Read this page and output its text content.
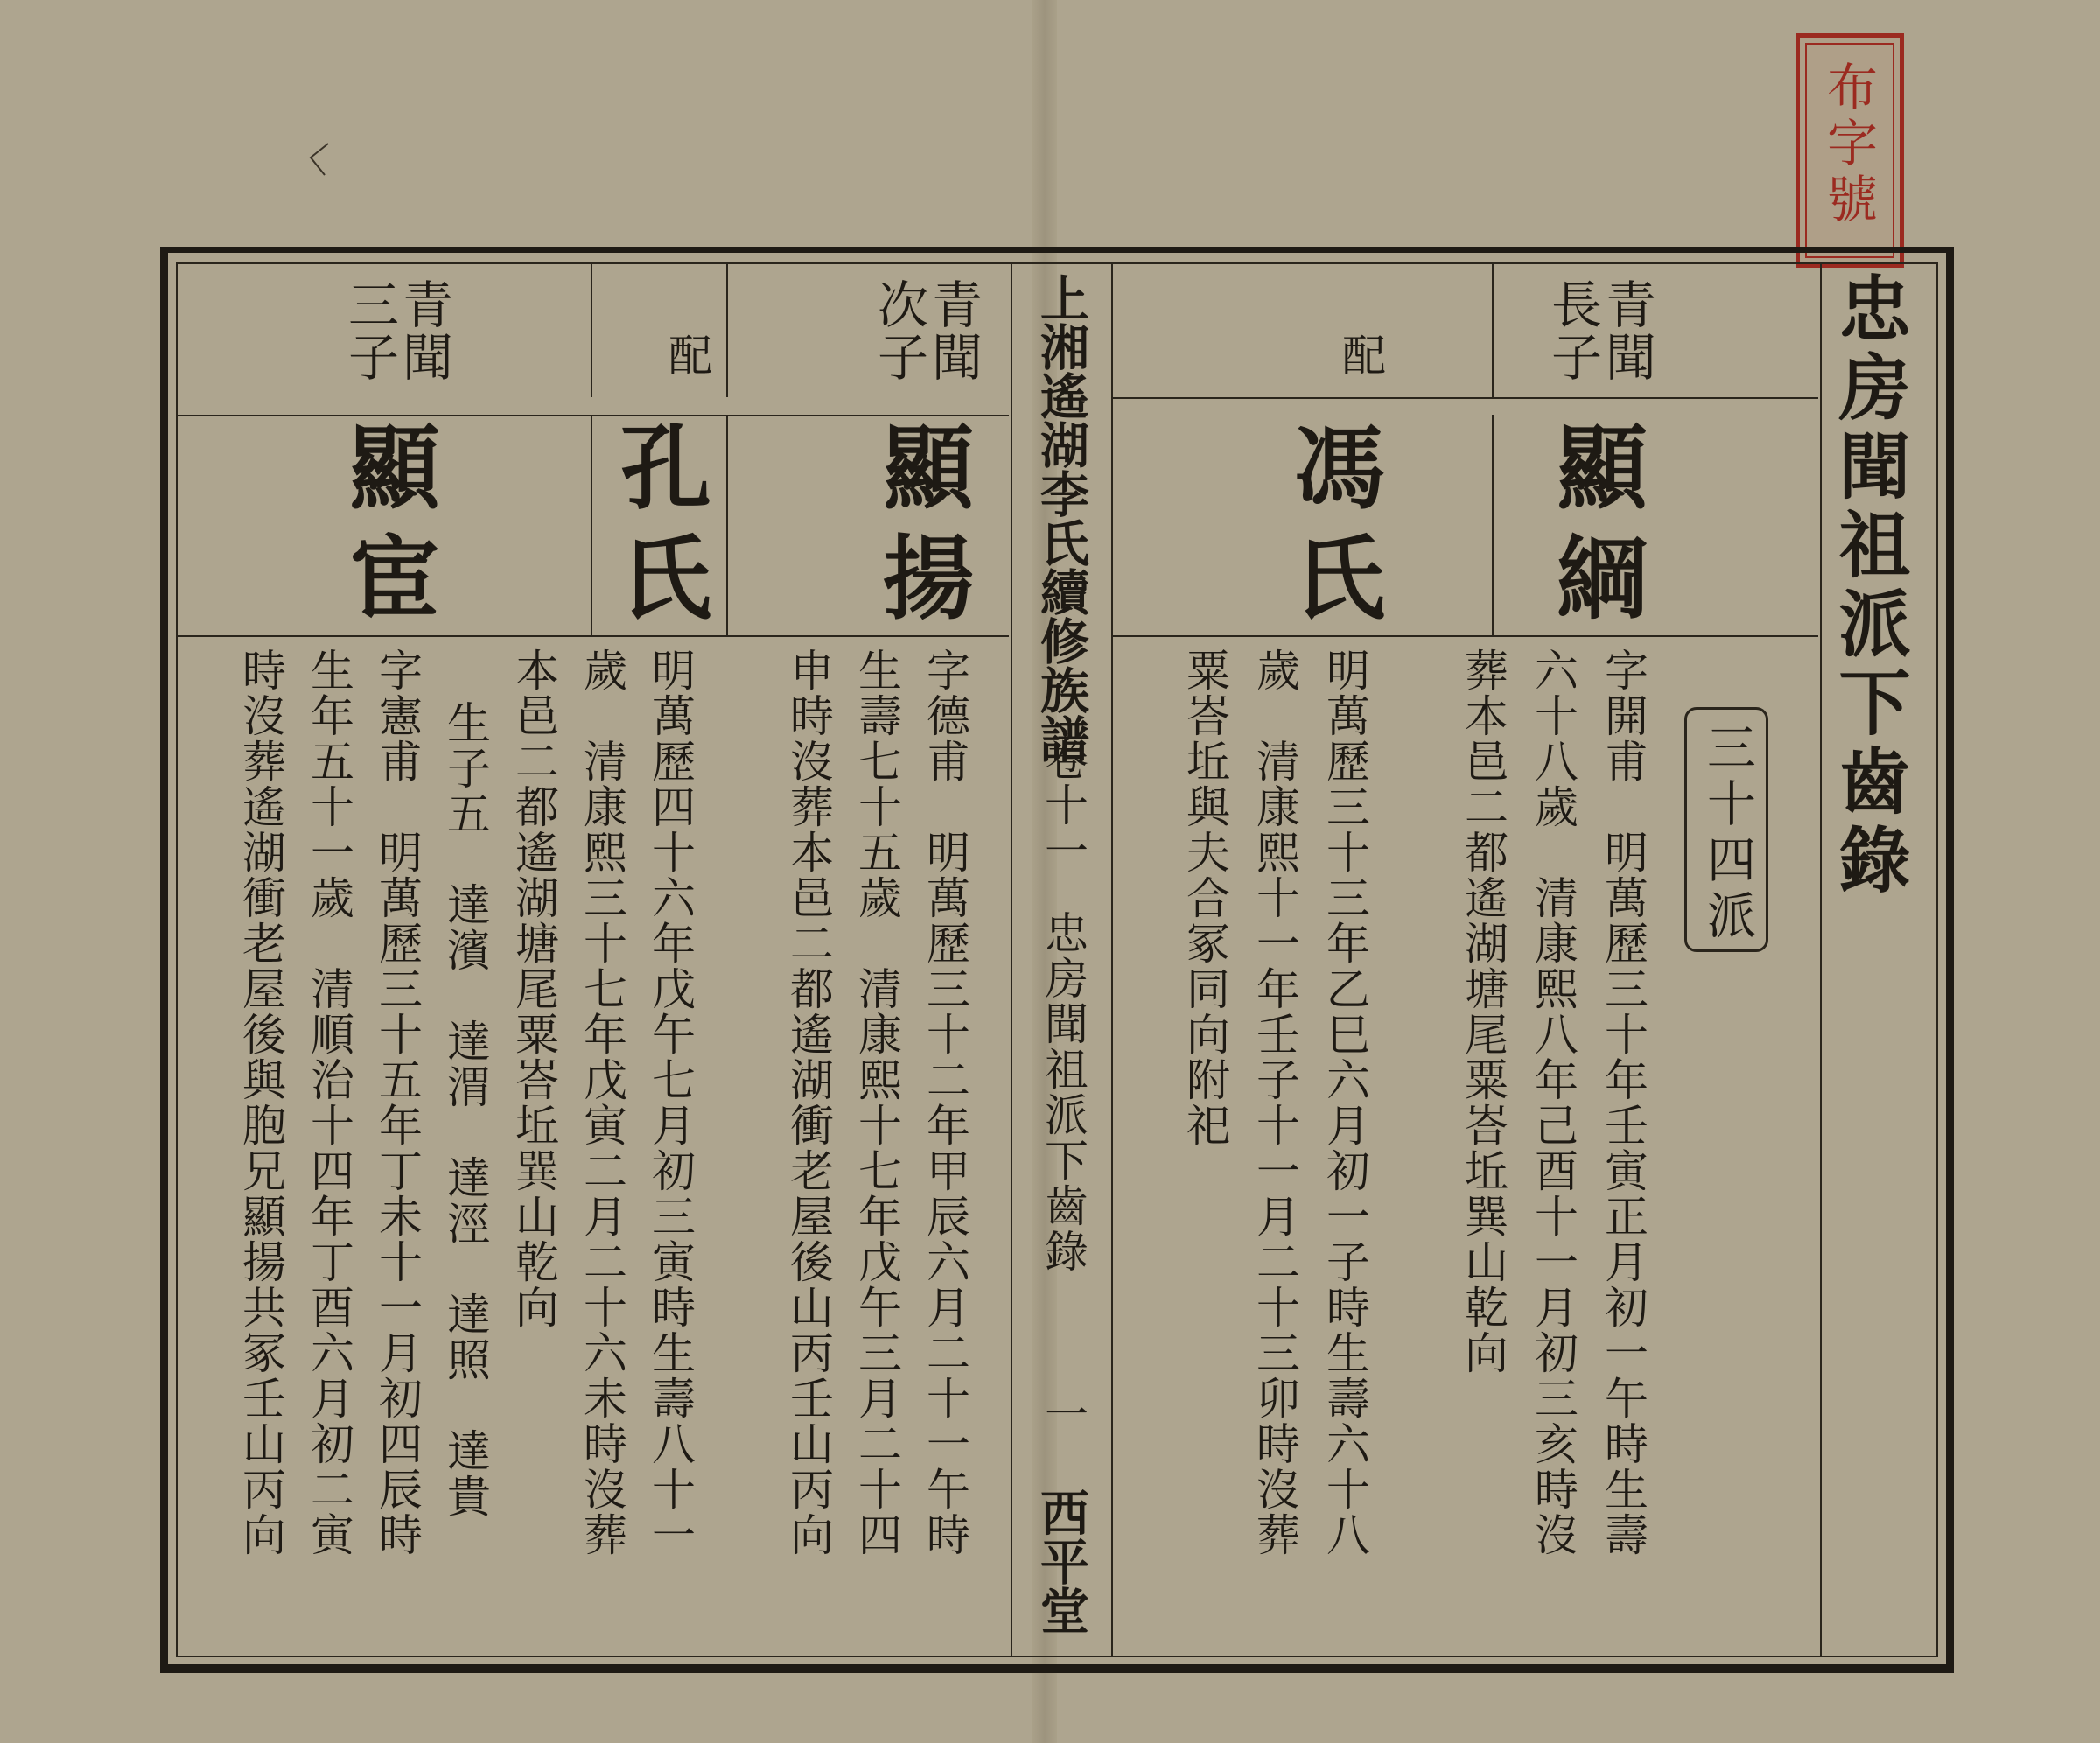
布字號
忠房聞祖派下齒錄
三十四派
上湘遙湖李氏續修族譜
卷十一
忠房聞祖派下齒錄
一
西平堂
青聞
長子
配
顯綱
馮氏
字開甫　明萬歷三十年壬寅正月初一午時生壽
六十八歲　清康熙八年己酉十一月初三亥時沒
葬本邑二都遙湖塘尾粟峇坵巽山乾向
明萬歷三十三年乙巳六月初一子時生壽六十八
歲　清康熙十一年壬子十一月二十三卯時沒葬
粟峇坵與夫合冢同向附祀
青聞
次子
配
青聞
三子
顯揚
孔氏
顯宦
字德甫　明萬歷三十二年甲辰六月二十一午時
生壽七十五歲　清康熙十七年戊午三月二十四
申時沒葬本邑二都遙湖衝老屋後山丙壬山丙向
明萬歷四十六年戊午七月初三寅時生壽八十一
歲　清康熙三十七年戊寅二月二十六未時沒葬
本邑二都遙湖塘尾粟峇坵巽山乾向
生子五　達濱　達渭　達涇　達照　達貴
字憲甫　明萬歷三十五年丁未十一月初四辰時
生年五十一歲　清順治十四年丁酉六月初二寅
時沒葬遙湖衝老屋後與胞兄顯揚共冢壬山丙向
